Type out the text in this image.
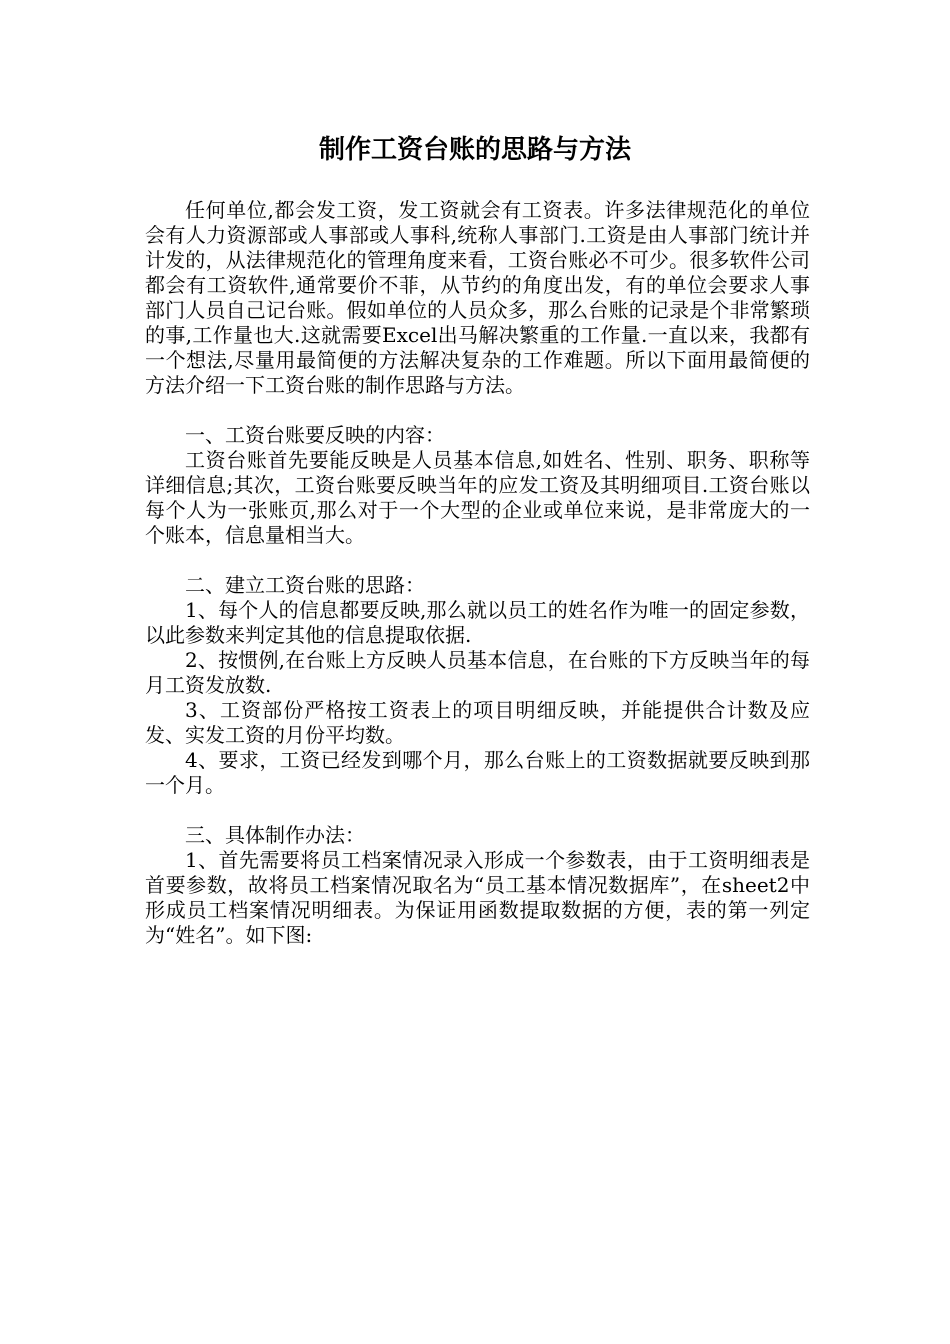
制作工资台账的思路与方法

任何单位,都会发工资，发工资就会有工资表。许多法律规范化的单位会有人力资源部或人事部或人事科,统称人事部门.工资是由人事部门统计并计发的，从法律规范化的管理角度来看，工资台账必不可少。很多软件公司都会有工资软件,通常要价不菲，从节约的角度出发，有的单位会要求人事部门人员自己记台账。假如单位的人员众多，那么台账的记录是个非常繁琐的事,工作量也大.这就需要Excel出马解决繁重的工作量.一直以来，我都有一个想法,尽量用最简便的方法解决复杂的工作难题。所以下面用最简便的方法介绍一下工资台账的制作思路与方法。

一、工资台账要反映的内容：

工资台账首先要能反映是人员基本信息,如姓名、性别、职务、职称等详细信息;其次，工资台账要反映当年的应发工资及其明细项目.工资台账以每个人为一张账页,那么对于一个大型的企业或单位来说，是非常庞大的一个账本，信息量相当大。

二、建立工资台账的思路：

1、每个人的信息都要反映,那么就以员工的姓名作为唯一的固定参数，以此参数来判定其他的信息提取依据.

2、按惯例,在台账上方反映人员基本信息，在台账的下方反映当年的每月工资发放数.

3、工资部份严格按工资表上的项目明细反映，并能提供合计数及应发、实发工资的月份平均数。

4、要求，工资已经发到哪个月，那么台账上的工资数据就要反映到那一个月。

三、具体制作办法：

1、首先需要将员工档案情况录入形成一个参数表，由于工资明细表是首要参数，故将员工档案情况取名为“员工基本情况数据库”，在sheet2中形成员工档案情况明细表。为保证用函数提取数据的方便，表的第一列定为“姓名”。如下图:
